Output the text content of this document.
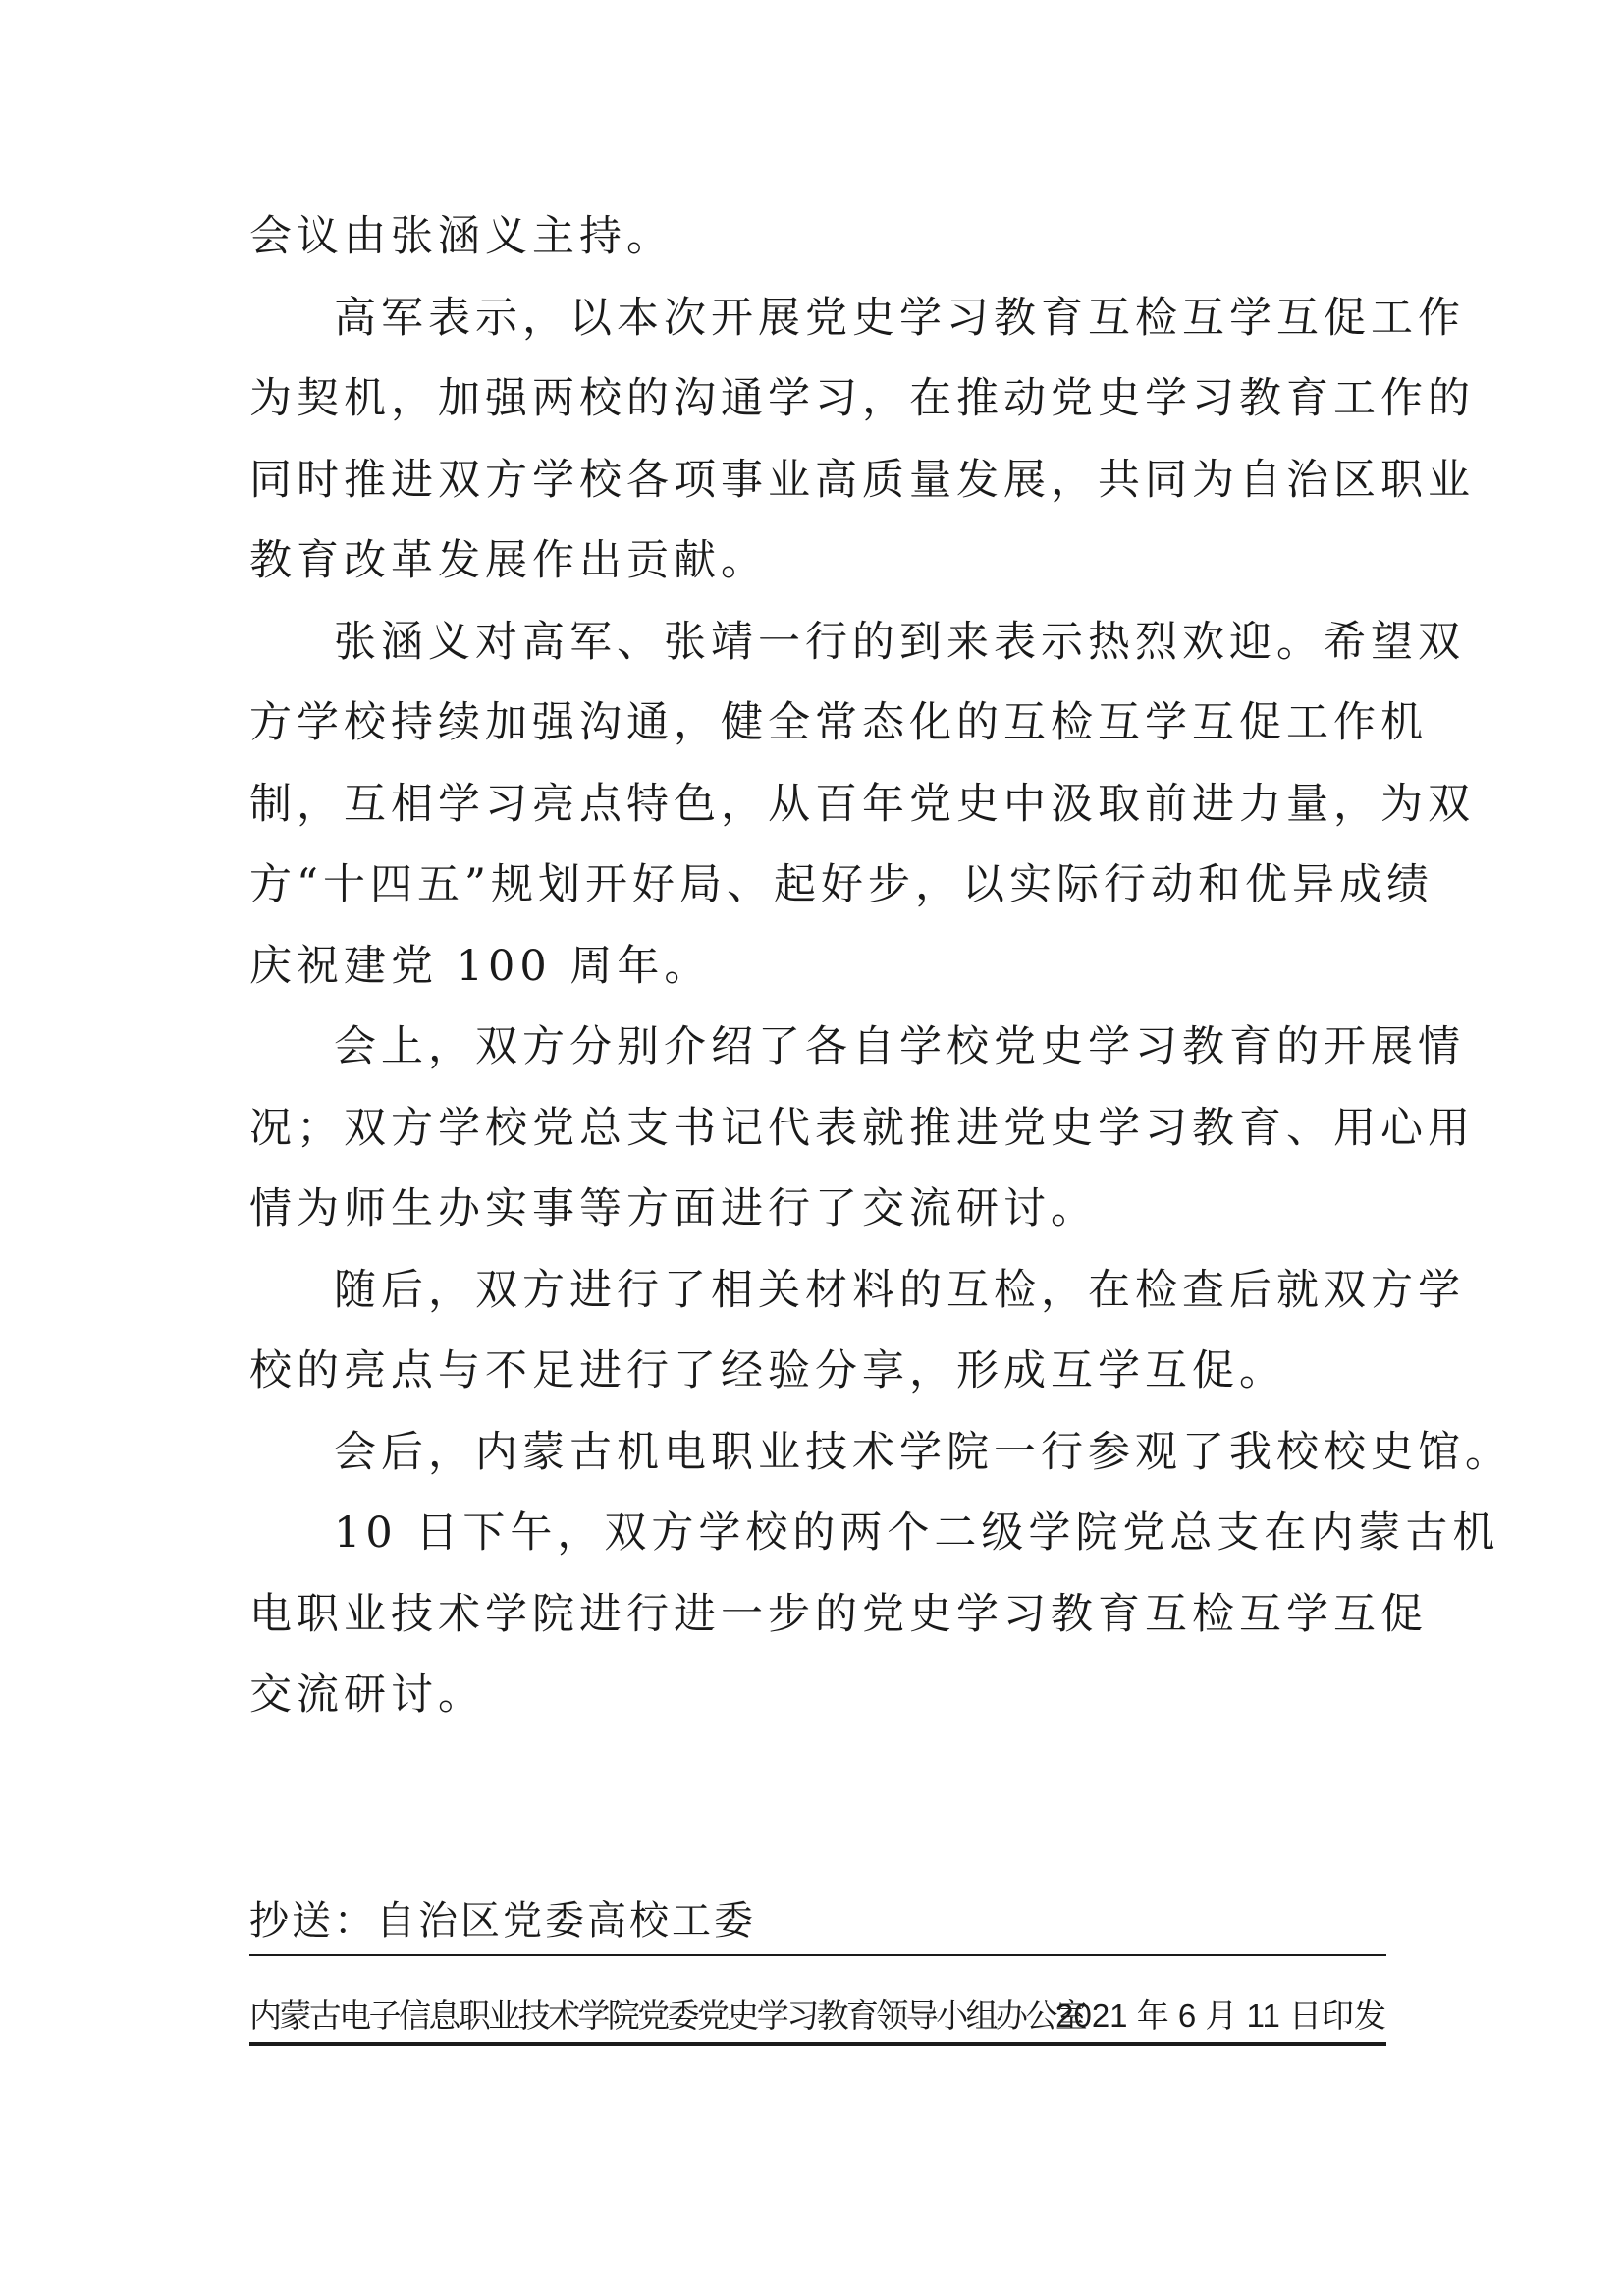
会议由张涵义主持。
高军表示，以本次开展党史学习教育互检互学互促工作
为契机，加强两校的沟通学习，在推动党史学习教育工作的
同时推进双方学校各项事业高质量发展，共同为自治区职业
教育改革发展作出贡献。
张涵义对高军、张靖一行的到来表示热烈欢迎。希望双
方学校持续加强沟通，健全常态化的互检互学互促工作机
制，互相学习亮点特色，从百年党史中汲取前进力量，为双
方“十四五”规划开好局、起好步，以实际行动和优异成绩
庆祝建党 100 周年。
会上，双方分别介绍了各自学校党史学习教育的开展情
况；双方学校党总支书记代表就推进党史学习教育、用心用
情为师生办实事等方面进行了交流研讨。
随后，双方进行了相关材料的互检，在检查后就双方学
校的亮点与不足进行了经验分享，形成互学互促。
会后，内蒙古机电职业技术学院一行参观了我校校史馆。
10 日下午，双方学校的两个二级学院党总支在内蒙古机
电职业技术学院进行进一步的党史学习教育互检互学互促
交流研讨。
抄送：自治区党委高校工委
内蒙古电子信息职业技术学院党委党史学习教育领导小组办公室
2021 年 6 月 11 日印发
